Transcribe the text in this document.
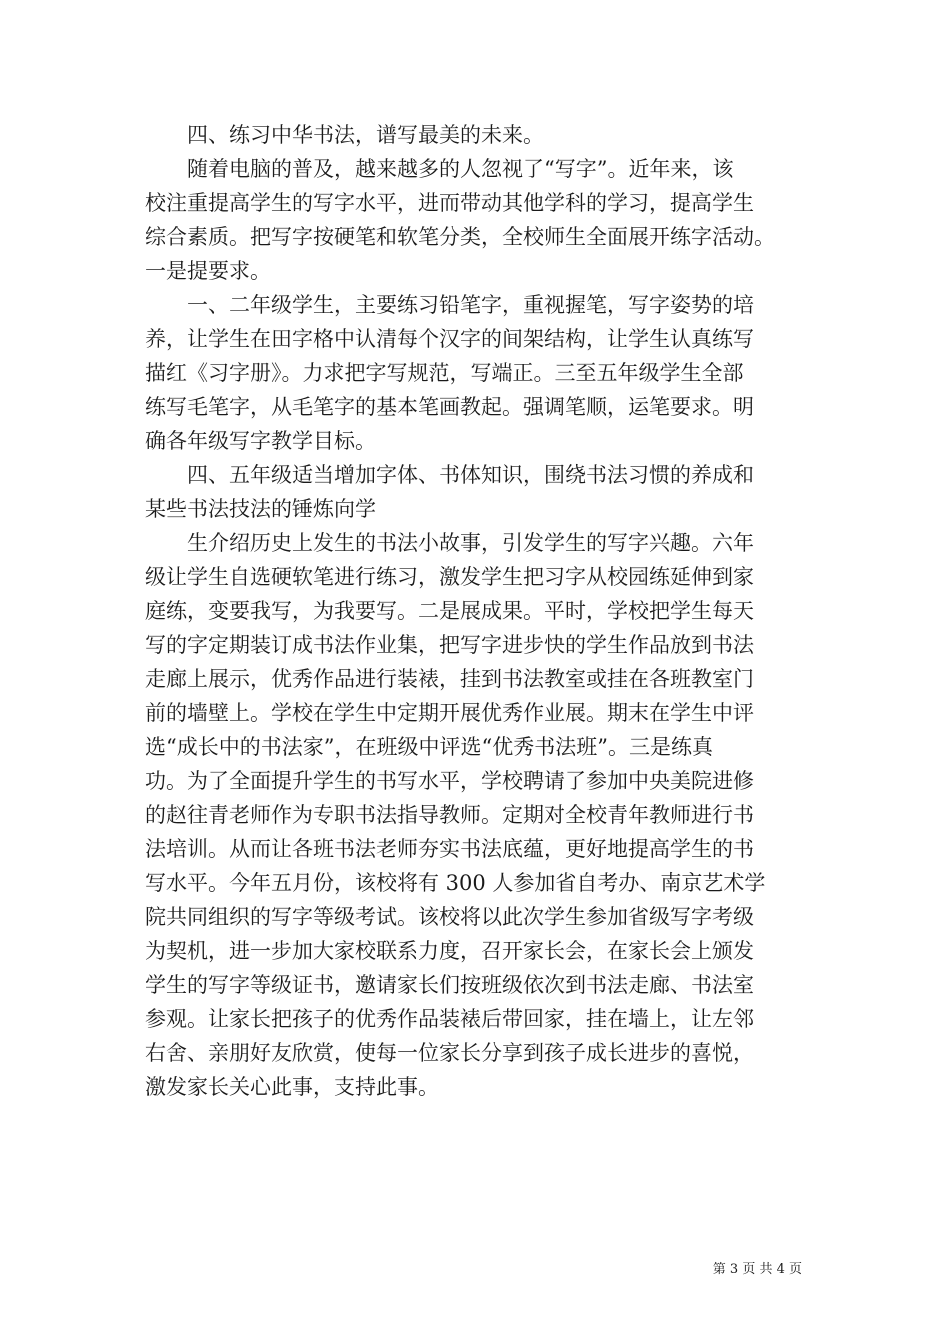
四、练习中华书法，谱写最美的未来。

随着电脑的普及，越来越多的人忽视了“写字”。近年来，该
校注重提高学生的写字水平，进而带动其他学科的学习，提高学生
综合素质。把写字按硬笔和软笔分类，全校师生全面展开练字活动。
一是提要求。

一、二年级学生，主要练习铅笔字，重视握笔，写字姿势的培
养，让学生在田字格中认清每个汉字的间架结构，让学生认真练写
描红《习字册》。力求把字写规范，写端正。三至五年级学生全部
练写毛笔字，从毛笔字的基本笔画教起。强调笔顺，运笔要求。明
确各年级写字教学目标。

四、五年级适当增加字体、书体知识，围绕书法习惯的养成和
某些书法技法的锤炼向学

生介绍历史上发生的书法小故事，引发学生的写字兴趣。六年
级让学生自选硬软笔进行练习，激发学生把习字从校园练延伸到家
庭练，变要我写，为我要写。二是展成果。平时，学校把学生每天
写的字定期装订成书法作业集，把写字进步快的学生作品放到书法
走廊上展示，优秀作品进行装裱，挂到书法教室或挂在各班教室门
前的墙壁上。学校在学生中定期开展优秀作业展。期末在学生中评
选“成长中的书法家”，在班级中评选“优秀书法班”。三是练真
功。为了全面提升学生的书写水平，学校聘请了参加中央美院进修
的赵往青老师作为专职书法指导教师。定期对全校青年教师进行书
法培训。从而让各班书法老师夯实书法底蕴，更好地提高学生的书
写水平。今年五月份，该校将有 300 人参加省自考办、南京艺术学
院共同组织的写字等级考试。该校将以此次学生参加省级写字考级
为契机，进一步加大家校联系力度，召开家长会，在家长会上颁发
学生的写字等级证书，邀请家长们按班级依次到书法走廊、书法室
参观。让家长把孩子的优秀作品装裱后带回家，挂在墙上，让左邻
右舍、亲朋好友欣赏，使每一位家长分享到孩子成长进步的喜悦，
激发家长关心此事，支持此事。

第 3 页 共 4 页
